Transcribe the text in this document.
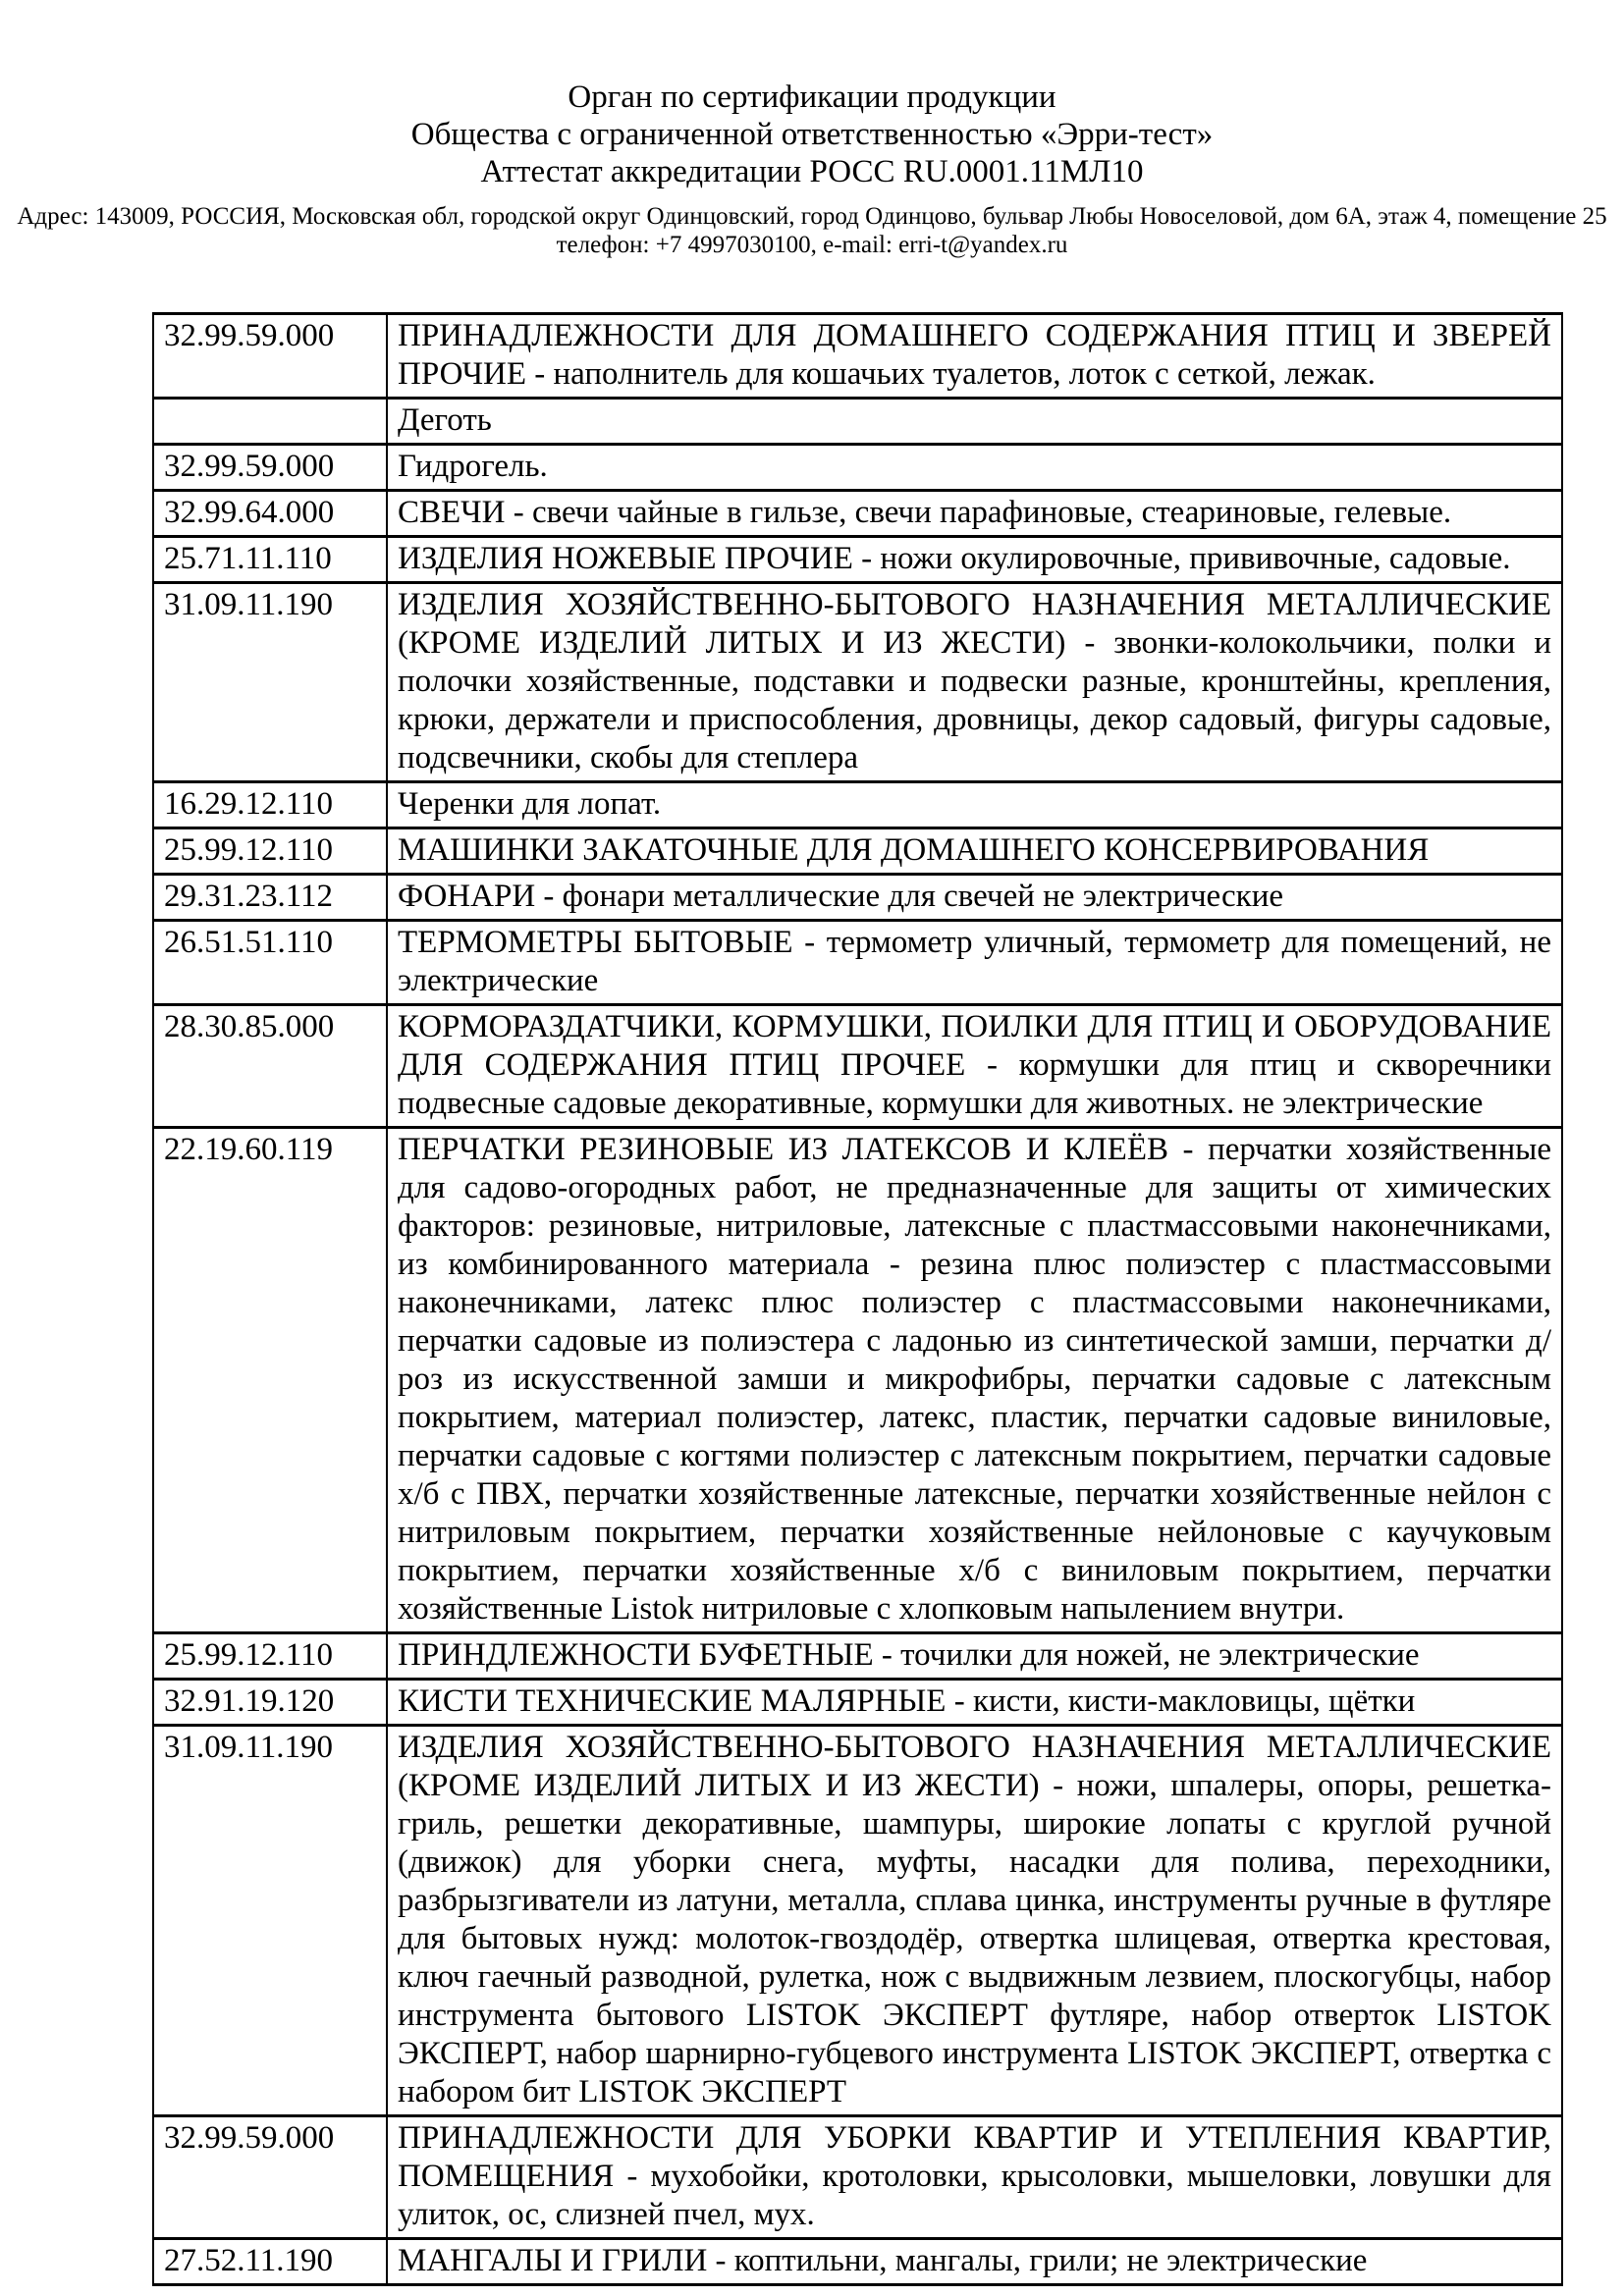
Орган по сертификации продукции
Общества с ограниченной ответственностью «Эрри-тест»
Аттестат аккредитации РОСС RU.0001.11МЛ10
Адрес: 143009, РОССИЯ, Московская обл, городской округ Одинцовский, город Одинцово, бульвар Любы Новоселовой, дом 6А, этаж 4, помещение 25
телефон: +7 4997030100, e-mail: erri-t@yandex.ru
32.99.59.000	ПРИНАДЛЕЖНОСТИ ДЛЯ ДОМАШНЕГО СОДЕРЖАНИЯ ПТИЦ И ЗВЕРЕЙ ПРОЧИЕ - наполнитель для кошачьих туалетов, лоток с сеткой, лежак.
	Деготь
32.99.59.000	Гидрогель.
32.99.64.000	СВЕЧИ - свечи чайные в гильзе, свечи парафиновые, стеариновые, гелевые.
25.71.11.110	ИЗДЕЛИЯ НОЖЕВЫЕ ПРОЧИЕ - ножи окулировочные, прививочные, садовые.
31.09.11.190	ИЗДЕЛИЯ ХОЗЯЙСТВЕННО-БЫТОВОГО НАЗНАЧЕНИЯ МЕТАЛЛИЧЕСКИЕ (КРОМЕ ИЗДЕЛИЙ ЛИТЫХ И ИЗ ЖЕСТИ) - звонки-колокольчики, полки и полочки хозяйственные, подставки и подвески разные, кронштейны, крепления, крюки, держатели и приспособления, дровницы, декор садовый, фигуры садовые, подсвечники, скобы для степлера
16.29.12.110	Черенки для лопат.
25.99.12.110	МАШИНКИ ЗАКАТОЧНЫЕ ДЛЯ ДОМАШНЕГО КОНСЕРВИРОВАНИЯ
29.31.23.112	ФОНАРИ - фонари металлические для свечей не электрические
26.51.51.110	ТЕРМОМЕТРЫ БЫТОВЫЕ - термометр уличный, термометр для помещений, не электрические
28.30.85.000	КОРМОРАЗДАТЧИКИ, КОРМУШКИ, ПОИЛКИ ДЛЯ ПТИЦ И ОБОРУДОВАНИЕ ДЛЯ СОДЕРЖАНИЯ ПТИЦ ПРОЧЕЕ - кормушки для птиц и скворечники подвесные садовые декоративные, кормушки для животных. не электрические
22.19.60.119	ПЕРЧАТКИ РЕЗИНОВЫЕ ИЗ ЛАТЕКСОВ И КЛЕЁВ - перчатки хозяйственные для садово-огородных работ, не предназначенные для защиты от химических факторов: резиновые, нитриловые, латексные с пластмассовыми наконечниками, из комбинированного материала - резина плюс полиэстер с пластмассовыми наконечниками, латекс плюс полиэстер с пластмассовыми наконечниками, перчатки садовые из полиэстера с ладонью из синтетической замши, перчатки д/роз из искусственной замши и микрофибры, перчатки садовые с латексным покрытием, материал полиэстер, латекс, пластик, перчатки садовые виниловые, перчатки садовые с когтями полиэстер с латексным покрытием, перчатки садовые х/б с ПВХ, перчатки хозяйственные латексные, перчатки хозяйственные нейлон с нитриловым покрытием, перчатки хозяйственные нейлоновые с каучуковым покрытием, перчатки хозяйственные х/б с виниловым покрытием, перчатки хозяйственные Listok нитриловые с хлопковым напылением внутри.
25.99.12.110	ПРИНДЛЕЖНОСТИ БУФЕТНЫЕ - точилки для ножей, не электрические
32.91.19.120	КИСТИ ТЕХНИЧЕСКИЕ МАЛЯРНЫЕ - кисти, кисти-макловицы, щётки
31.09.11.190	ИЗДЕЛИЯ ХОЗЯЙСТВЕННО-БЫТОВОГО НАЗНАЧЕНИЯ МЕТАЛЛИЧЕСКИЕ (КРОМЕ ИЗДЕЛИЙ ЛИТЫХ И ИЗ ЖЕСТИ) - ножи, шпалеры, опоры, решетка-гриль, решетки декоративные, шампуры, широкие лопаты с круглой ручной (движок) для уборки снега, муфты, насадки для полива, переходники, разбрызгиватели из латуни, металла, сплава цинка, инструменты ручные в футляре для бытовых нужд: молоток-гвоздодёр, отвертка шлицевая, отвертка крестовая, ключ гаечный разводной, рулетка, нож с выдвижным лезвием, плоскогубцы, набор инструмента бытового LISTOK ЭКСПЕРТ футляре, набор отверток LISTOK ЭКСПЕРТ, набор шарнирно-губцевого инструмента LISTOK ЭКСПЕРТ, отвертка с набором бит LISTOK ЭКСПЕРТ
32.99.59.000	ПРИНАДЛЕЖНОСТИ ДЛЯ УБОРКИ КВАРТИР И УТЕПЛЕНИЯ КВАРТИР, ПОМЕЩЕНИЯ - мухобойки, кротоловки, крысоловки, мышеловки, ловушки для улиток, ос, слизней пчел, мух.
27.52.11.190	МАНГАЛЫ И ГРИЛИ - коптильни, мангалы, грили; не электрические
